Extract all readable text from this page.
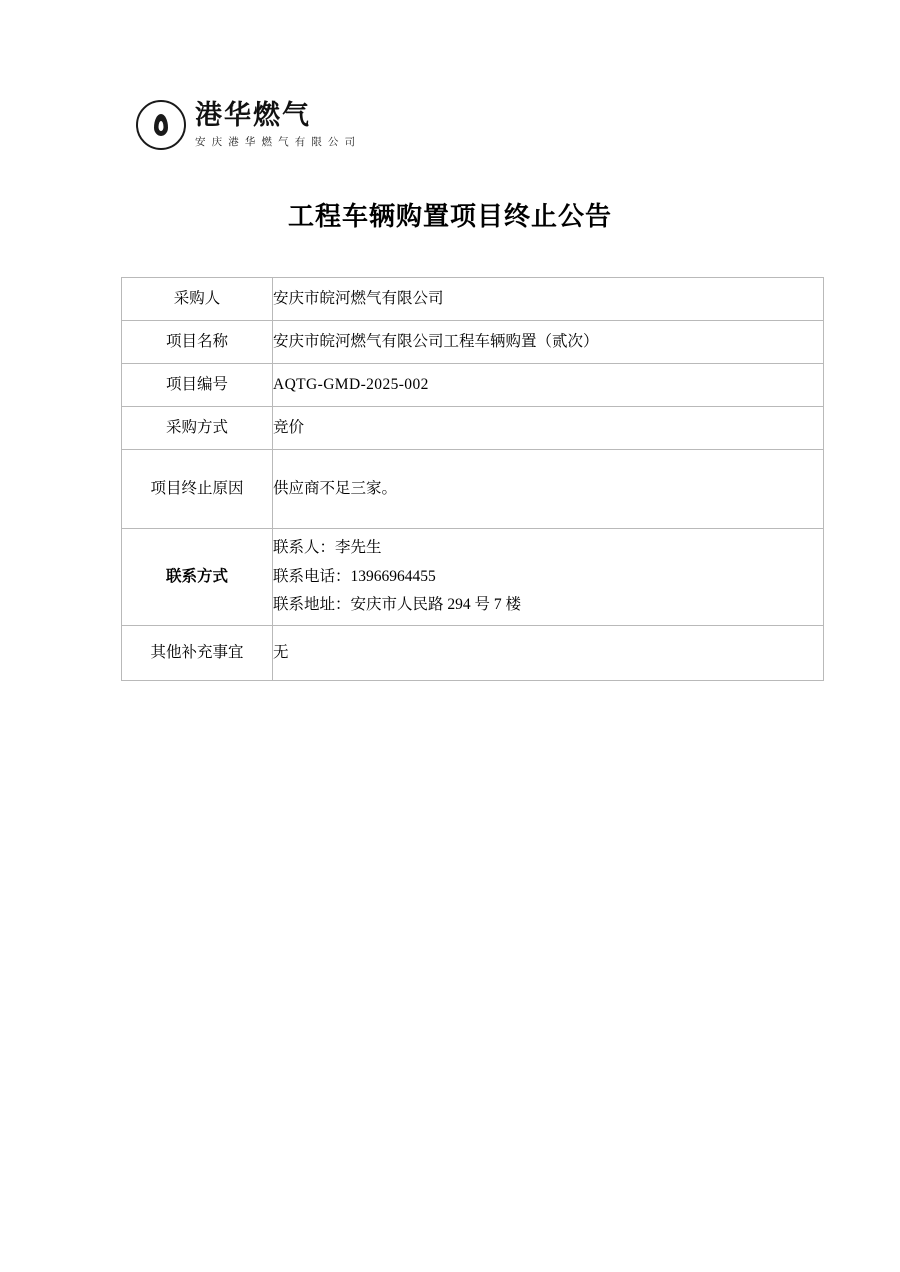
港华燃气
安 庆 港 华 燃 气 有 限 公 司
工程车辆购置项目终止公告
采购人	安庆市皖河燃气有限公司
项目名称	安庆市皖河燃气有限公司工程车辆购置（贰次）
项目编号	AQTG-GMD-2025-002
采购方式	竞价
项目终止原因	供应商不足三家。
联系方式	联系人：李先生
联系电话：13966964455
联系地址：安庆市人民路 294 号 7 楼

其他补充事宜	无
